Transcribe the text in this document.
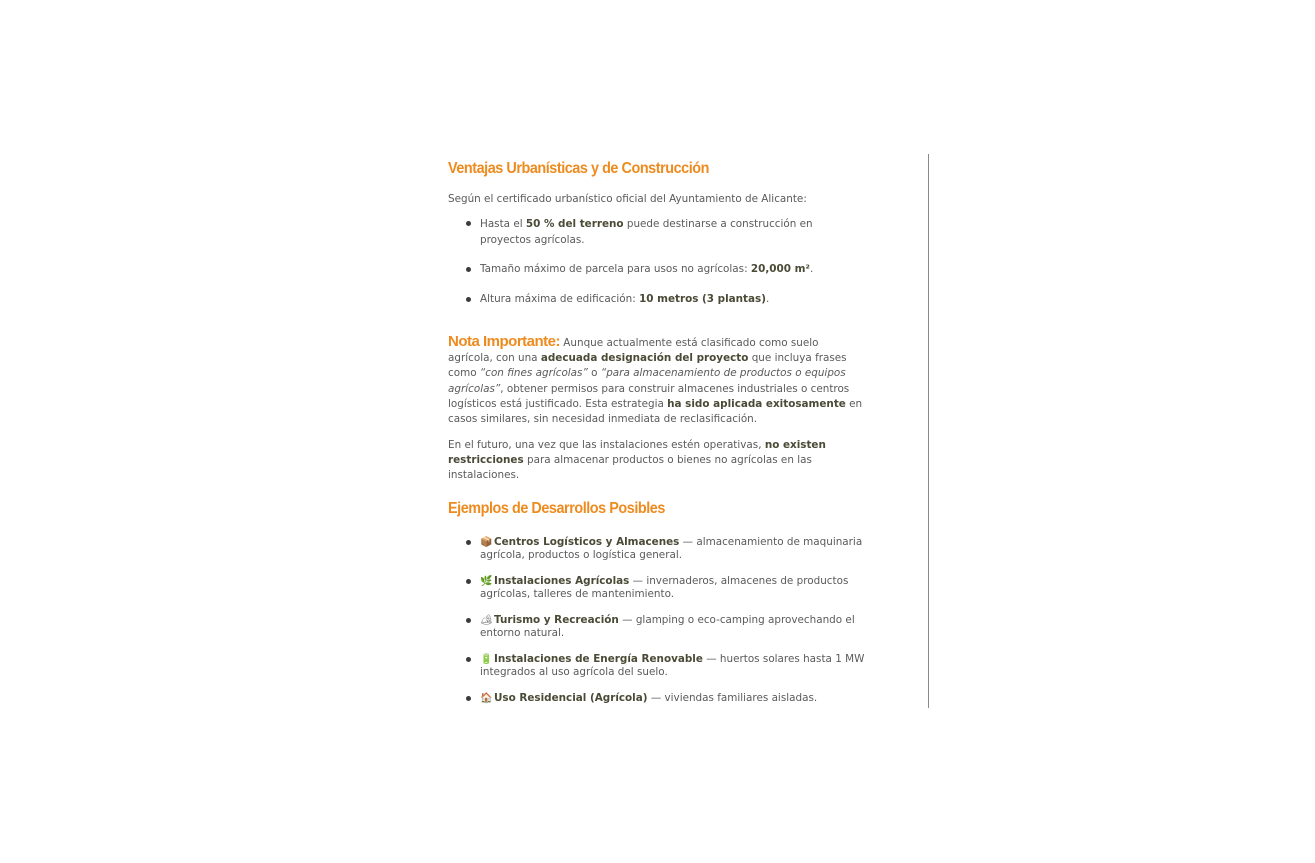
Ventajas Urbanísticas y de Construcción

Según el certificado urbanístico oficial del Ayuntamiento de Alicante:

Hasta el 50 % del terreno puede destinarse a construcción en proyectos agrícolas.
Tamaño máximo de parcela para usos no agrícolas: 20,000 m².
Altura máxima de edificación: 10 metros (3 plantas).

Nota Importante: Aunque actualmente está clasificado como suelo agrícola, con una adecuada designación del proyecto que incluya frases como “con fines agrícolas” o “para almacenamiento de productos o equipos agrícolas”, obtener permisos para construir almacenes industriales o centros logísticos está justificado. Esta estrategia ha sido aplicada exitosamente en casos similares, sin necesidad inmediata de reclasificación.

En el futuro, una vez que las instalaciones estén operativas, no existen restricciones para almacenar productos o bienes no agrícolas en las instalaciones.

Ejemplos de Desarrollos Posibles
📦 Centros Logísticos y Almacenes — almacenamiento de maquinaria agrícola, productos o logística general.
🌿 Instalaciones Agrícolas — invernaderos, almacenes de productos agrícolas, talleres de mantenimiento.
🏕Turismo y Recreación — glamping o eco-camping aprovechando el entorno natural.
🔋 Instalaciones de Energía Renovable — huertos solares hasta 1 MW integrados al uso agrícola del suelo.
🏠 Uso Residencial (Agrícola) — viviendas familiares aisladas.
